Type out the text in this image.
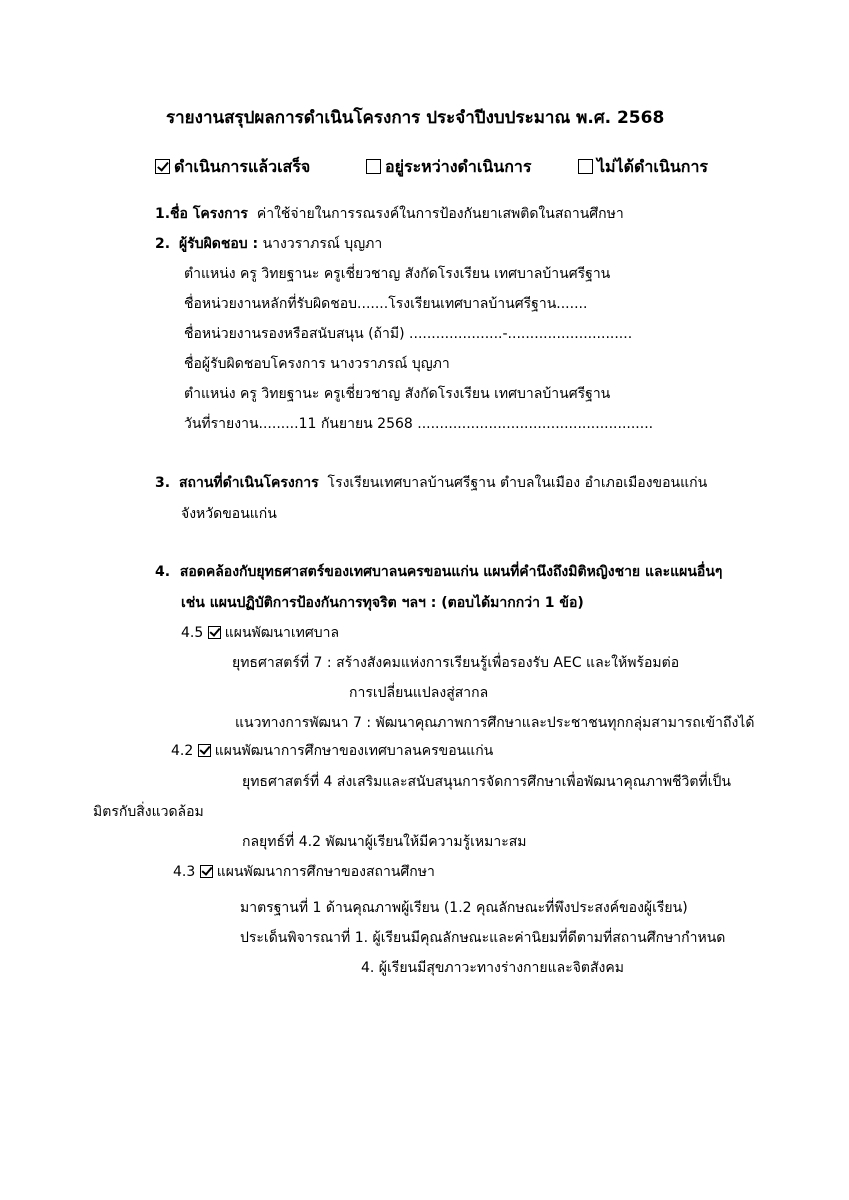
รายงานสรุปผลการดำเนินโครงการ ประจำปีงบประมาณ พ.ศ. 2568
ดำเนินการแล้วเสร็จ	อยู่ระหว่างดำเนินการ	ไม่ได้ดำเนินการ
1.ชื่อ โครงการ ค่าใช้จ่ายในการรณรงค์ในการป้องกันยาเสพติดในสถานศึกษา
2. ผู้รับผิดชอบ : นางวราภรณ์ บุญภา
ตำแหน่ง ครู วิทยฐานะ ครูเชี่ยวชาญ สังกัดโรงเรียน เทศบาลบ้านศรีฐาน
ชื่อหน่วยงานหลักที่รับผิดชอบ.......โรงเรียนเทศบาลบ้านศรีฐาน.......
ชื่อหน่วยงานรองหรือสนับสนุน (ถ้ามี) .....................-............................
ชื่อผู้รับผิดชอบโครงการ นางวราภรณ์ บุญภา
ตำแหน่ง ครู วิทยฐานะ ครูเชี่ยวชาญ สังกัดโรงเรียน เทศบาลบ้านศรีฐาน
วันที่รายงาน.........11 กันยายน 2568 .....................................................
3. สถานที่ดำเนินโครงการ โรงเรียนเทศบาลบ้านศรีฐาน ตำบลในเมือง อำเภอเมืองขอนแก่น
จังหวัดขอนแก่น
4. สอดคล้องกับยุทธศาสตร์ของเทศบาลนครขอนแก่น แผนที่คำนึงถึงมิติหญิงชาย และแผนอื่นๆ
เช่น แผนปฏิบัติการป้องกันการทุจริต ฯลฯ : (ตอบได้มากกว่า 1 ข้อ)
4.5 แผนพัฒนาเทศบาล
ยุทธศาสตร์ที่ 7 : สร้างสังคมแห่งการเรียนรู้เพื่อรองรับ AEC และให้พร้อมต่อ
การเปลี่ยนแปลงสู่สากล
แนวทางการพัฒนา 7 : พัฒนาคุณภาพการศึกษาและประชาชนทุกกลุ่มสามารถเข้าถึงได้
4.2 แผนพัฒนาการศึกษาของเทศบาลนครขอนแก่น
ยุทธศาสตร์ที่ 4 ส่งเสริมและสนับสนุนการจัดการศึกษาเพื่อพัฒนาคุณภาพชีวิตที่เป็น
มิตรกับสิ่งแวดล้อม
กลยุทธ์ที่ 4.2 พัฒนาผู้เรียนให้มีความรู้เหมาะสม
4.3 แผนพัฒนาการศึกษาของสถานศึกษา
มาตรฐานที่ 1 ด้านคุณภาพผู้เรียน (1.2 คุณลักษณะที่พึงประสงค์ของผู้เรียน)
ประเด็นพิจารณาที่ 1. ผู้เรียนมีคุณลักษณะและค่านิยมที่ดีตามที่สถานศึกษากำหนด
4. ผู้เรียนมีสุขภาวะทางร่างกายและจิตสังคม
